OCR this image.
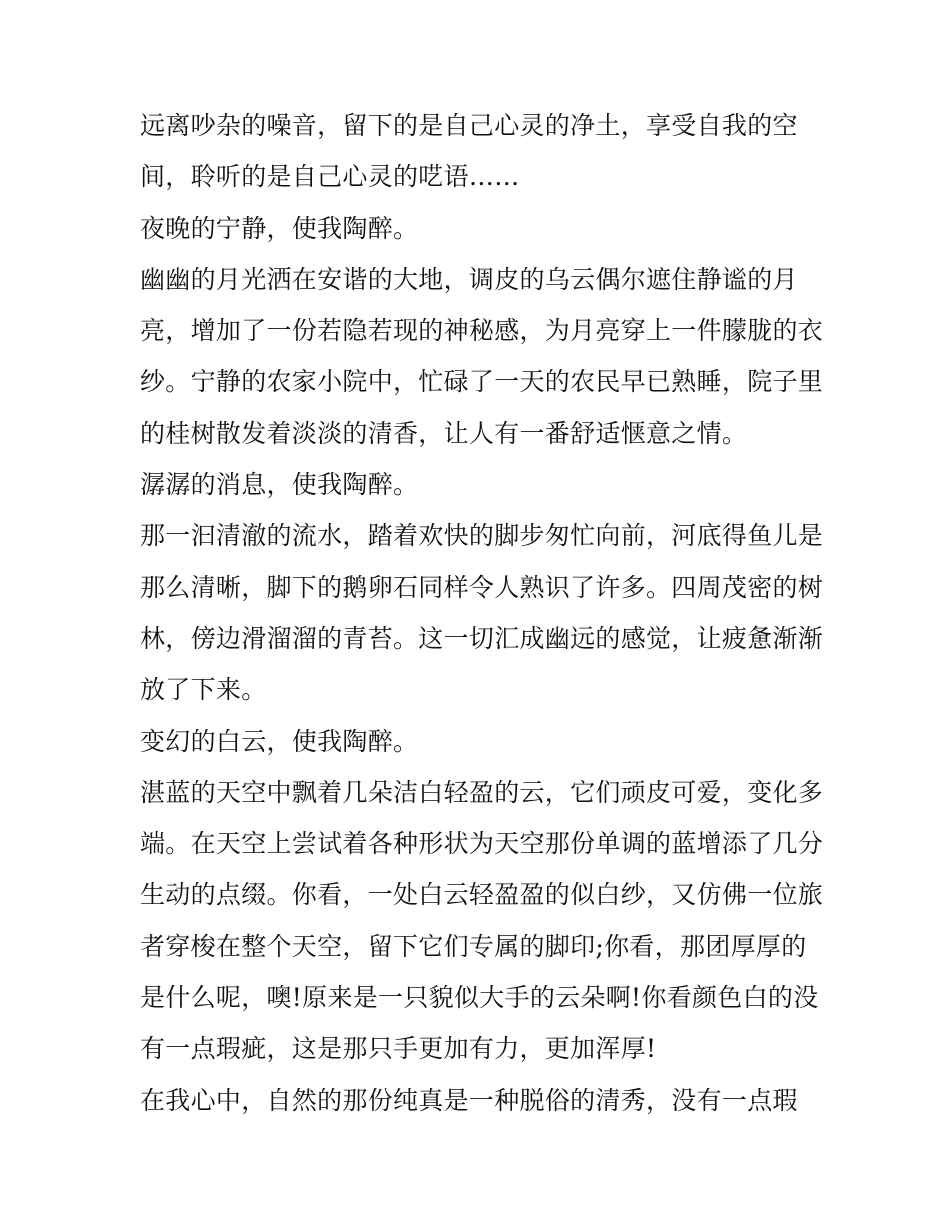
远离吵杂的噪音，留下的是自己心灵的净土，享受自我的空
间，聆听的是自己心灵的呓语……
夜晚的宁静，使我陶醉。
幽幽的月光洒在安谐的大地，调皮的乌云偶尔遮住静谧的月
亮，增加了一份若隐若现的神秘感，为月亮穿上一件朦胧的衣
纱。宁静的农家小院中，忙碌了一天的农民早已熟睡，院子里
的桂树散发着淡淡的清香，让人有一番舒适惬意之情。
潺潺的消息，使我陶醉。
那一汩清澈的流水，踏着欢快的脚步匆忙向前，河底得鱼儿是
那么清晰，脚下的鹅卵石同样令人熟识了许多。四周茂密的树
林，傍边滑溜溜的青苔。这一切汇成幽远的感觉，让疲惫渐渐
放了下来。
变幻的白云，使我陶醉。
湛蓝的天空中飘着几朵洁白轻盈的云，它们顽皮可爱，变化多
端。在天空上尝试着各种形状为天空那份单调的蓝增添了几分
生动的点缀。你看，一处白云轻盈盈的似白纱，又仿佛一位旅
者穿梭在整个天空，留下它们专属的脚印;你看，那团厚厚的
是什么呢，噢!原来是一只貌似大手的云朵啊!你看颜色白的没
有一点瑕疵，这是那只手更加有力，更加浑厚!
在我心中，自然的那份纯真是一种脱俗的清秀，没有一点瑕
